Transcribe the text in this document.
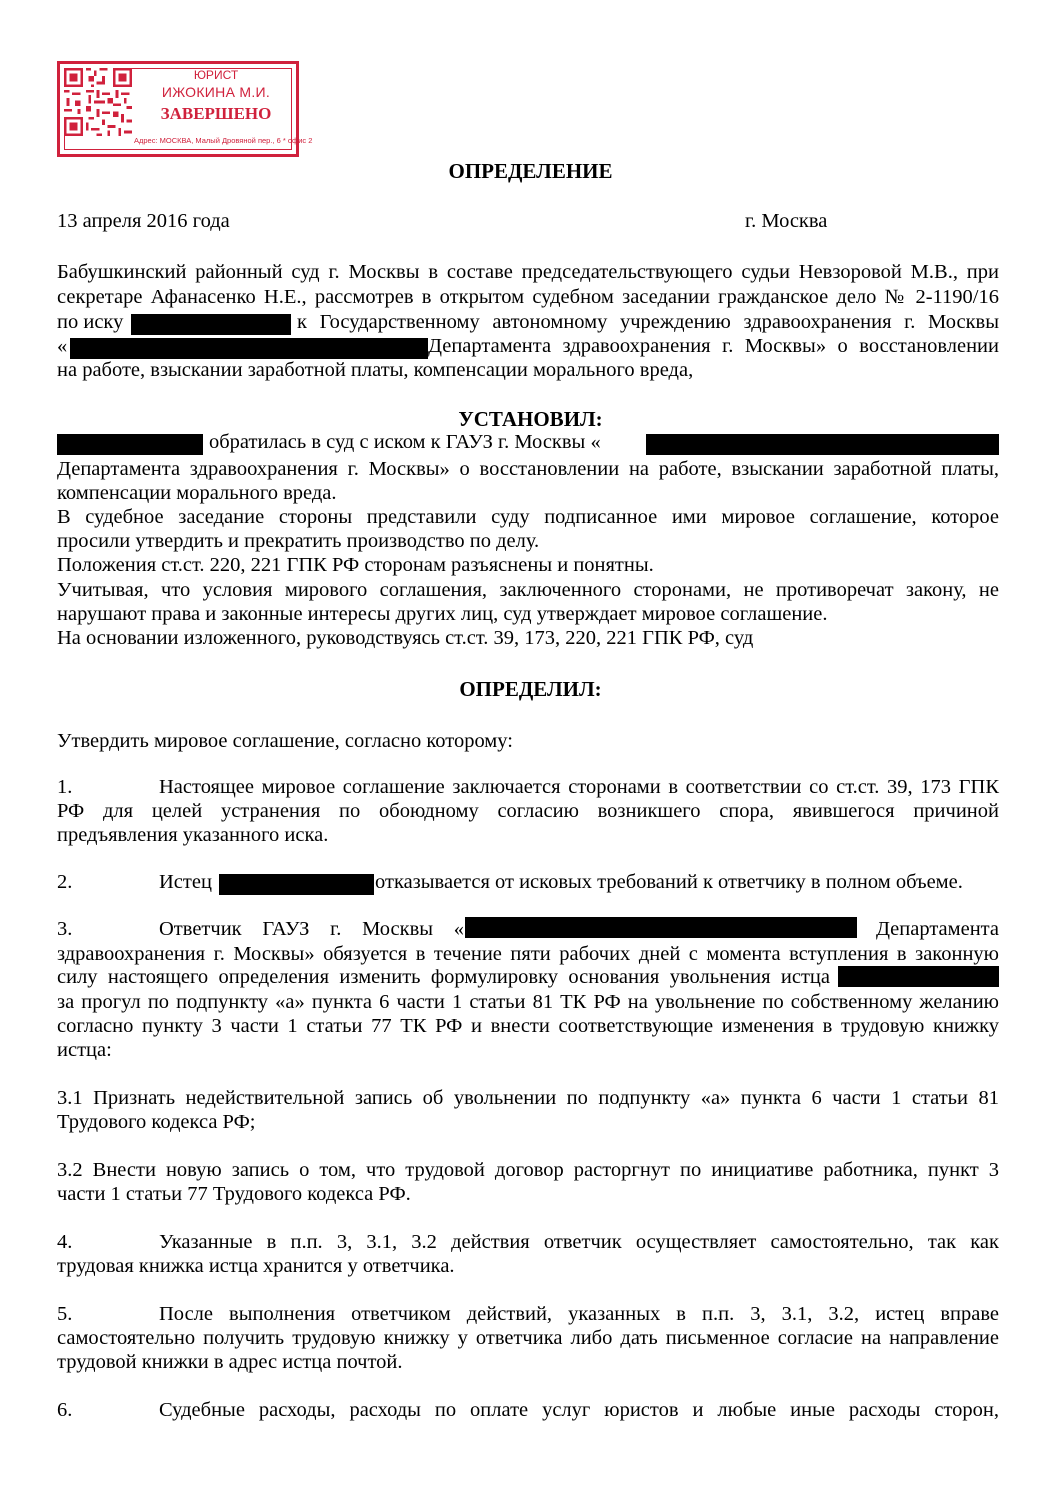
ЮРИСТ
ИЖОКИНА М.И.
ЗАВЕРШЕНО
Адрес: МОСКВА, Малый Дровяной пер., 6 * офис 2
ОПРЕДЕЛЕНИЕ
13 апреля 2016 года	г. Москва
Бабушкинский районный суд г. Москвы в составе председательствующего судьи Невзоровой М.В., при
секретаре Афанасенко Н.Е., рассмотрев в открытом судебном заседании гражданское дело № 2-1190/16
по иску	к Государственному автономному учреждению здравоохранения г. Москвы
«	Департамента здравоохранения г. Москвы» о восстановлении
на работе, взыскании заработной платы, компенсации морального вреда,
УСТАНОВИЛ:
обратилась в суд с иском к ГАУЗ г. Москвы «
Департамента здравоохранения г. Москвы» о восстановлении на работе, взыскании заработной платы,
компенсации морального вреда.
В судебное заседание стороны представили суду подписанное ими мировое соглашение, которое
просили утвердить и прекратить производство по делу.
Положения ст.ст. 220, 221 ГПК РФ сторонам разъяснены и понятны.
Учитывая, что условия мирового соглашения, заключенного сторонами, не противоречат закону, не
нарушают права и законные интересы других лиц, суд утверждает мировое соглашение.
На основании изложенного, руководствуясь ст.ст. 39, 173, 220, 221 ГПК РФ, суд
ОПРЕДЕЛИЛ:
Утвердить мировое соглашение, согласно которому:
1.	Настоящее мировое соглашение заключается сторонами в соответствии со ст.ст. 39, 173 ГПК
РФ для целей устранения по обоюдному согласию возникшего спора, явившегося причиной
предъявления указанного иска.
2.	Истец	отказывается от исковых требований к ответчику в полном объеме.
3.	Ответчик ГАУЗ г. Москвы «	Департамента
здравоохранения г. Москвы» обязуется в течение пяти рабочих дней с момента вступления в законную
силу настоящего определения изменить формулировку основания увольнения истца
за прогул по подпункту «а» пункта 6 части 1 статьи 81 ТК РФ на увольнение по собственному желанию
согласно пункту 3 части 1 статьи 77 ТК РФ и внести соответствующие изменения в трудовую книжку
истца:
3.1 Признать недействительной запись об увольнении по подпункту «а» пункта 6 части 1 статьи 81
Трудового кодекса РФ;
3.2 Внести новую запись о том, что трудовой договор расторгнут по инициативе работника, пункт 3
части 1 статьи 77 Трудового кодекса РФ.
4.	Указанные в п.п. 3, 3.1, 3.2 действия ответчик осуществляет самостоятельно, так как
трудовая книжка истца хранится у ответчика.
5.	После выполнения ответчиком действий, указанных в п.п. 3, 3.1, 3.2, истец вправе
самостоятельно получить трудовую книжку у ответчика либо дать письменное согласие на направление
трудовой книжки в адрес истца почтой.
6.	Судебные расходы, расходы по оплате услуг юристов и любые иные расходы сторон,
